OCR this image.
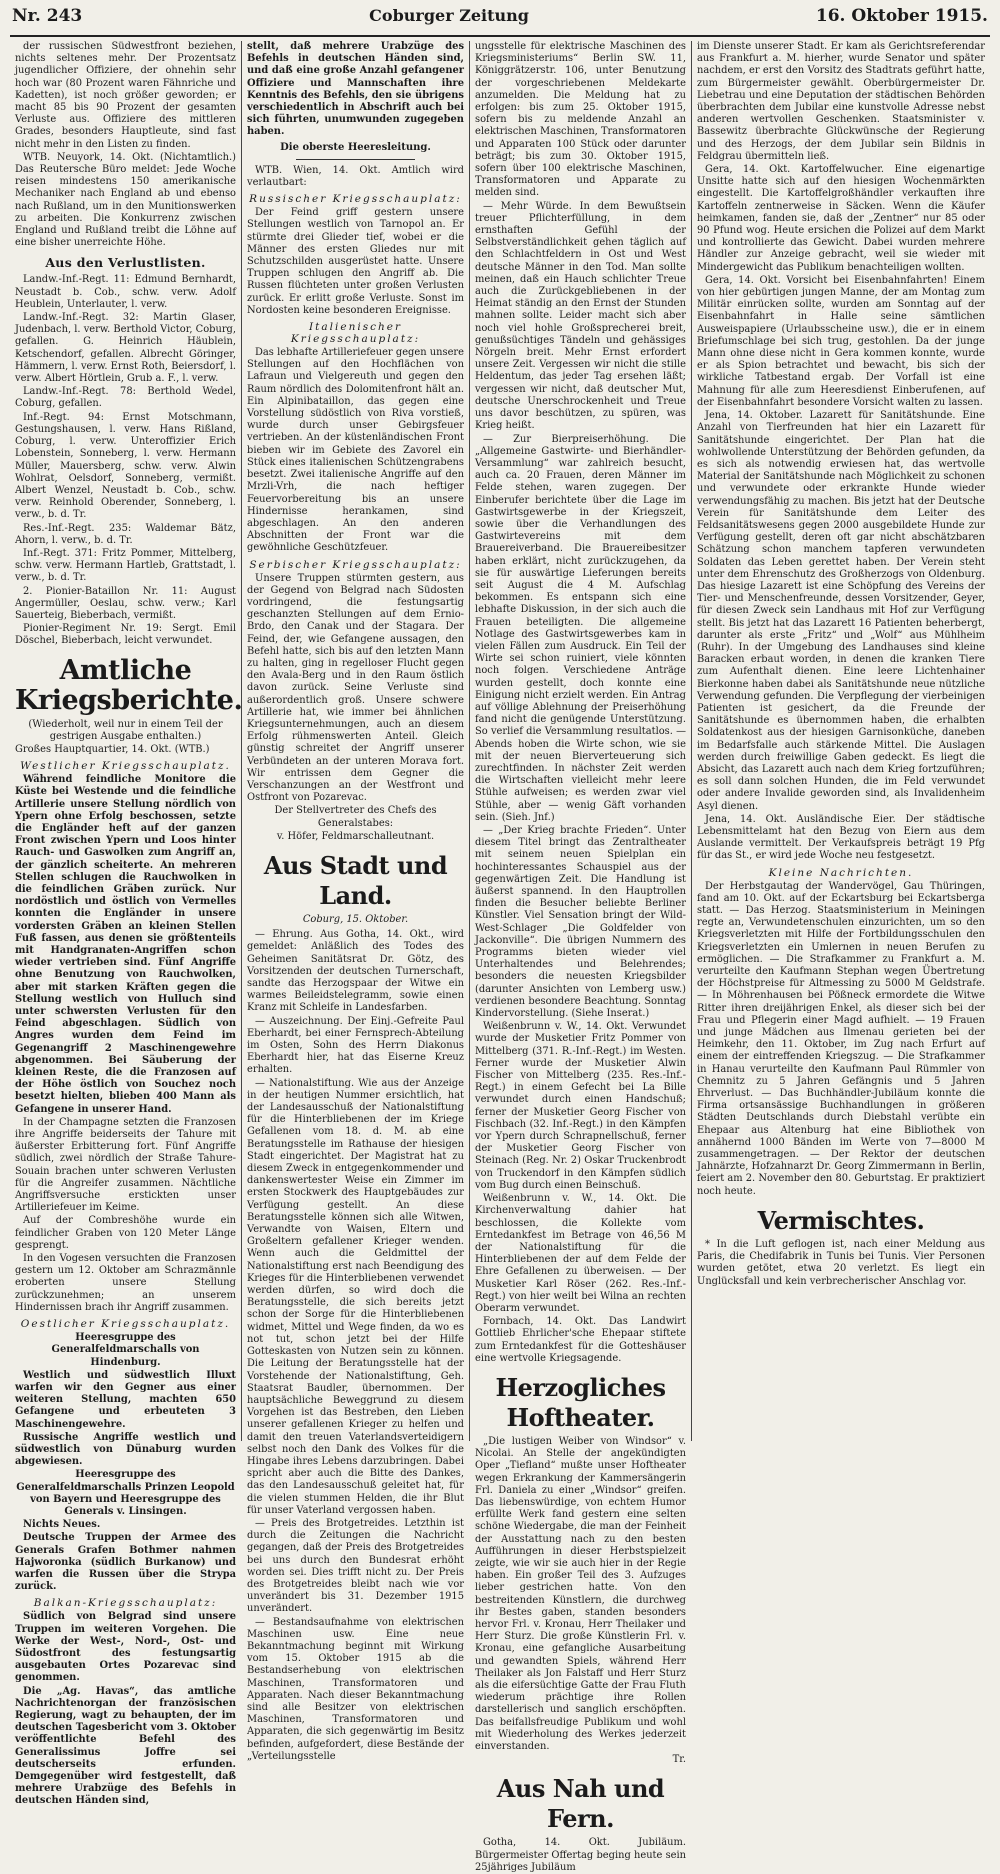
Nr. 243	Coburger Zeitung	16. Oktober 1915.

der russischen Südwestfront beziehen, nichts seltenes mehr. Der Prozentsatz jugendlicher Offiziere, der ohnehin sehr hoch war (80 Prozent waren Fähnriche und Kadetten), ist noch größer geworden; er macht 85 bis 90 Prozent der gesamten Verluste aus. Offiziere des mittleren Grades, besonders Hauptleute, sind fast nicht mehr in den Listen zu finden.

WTB. Neuyork, 14. Okt. (Nichtamtlich.) Das Reutersche Büro meldet: Jede Woche reisen mindestens 150 amerikanische Mechaniker nach England ab und ebenso nach Rußland, um in den Munitionswerken zu arbeiten. Die Konkurrenz zwischen England und Rußland treibt die Löhne auf eine bisher unerreichte Höhe.

Aus den Verlustlisten.

Landw.-Inf.-Regt. 11: Edmund Bernhardt, Neustadt b. Cob., schw. verw. Adolf Heublein, Unterlauter, l. verw.

Landw.-Inf.-Regt. 32: Martin Glaser, Judenbach, l. verw. Berthold Victor, Coburg, gefallen. G. Heinrich Häublein, Ketschendorf, gefallen. Albrecht Göringer, Hämmern, l. verw. Ernst Roth, Beiersdorf, l. verw. Albert Hörtlein, Grub a. F., l. verw.

Landw.-Inf.-Regt. 78: Berthold Wedel, Coburg, gefallen.

Inf.-Regt. 94: Ernst Motschmann, Gestungshausen, l. verw. Hans Rißland, Coburg, l. verw. Unteroffizier Erich Lobenstein, Sonneberg, l. verw. Hermann Müller, Mauersberg, schw. verw. Alwin Wohlrat, Oelsdorf, Sonneberg, vermißt. Albert Wenzel, Neustadt b. Cob., schw. verw. Reinhold Oberender, Sonneberg, l. verw., b. d. Tr.

Res.-Inf.-Regt. 235: Waldemar Bätz, Ahorn, l. verw., b. d. Tr.

Inf.-Regt. 371: Fritz Pommer, Mittelberg, schw. verw. Hermann Hartleb, Grattstadt, l. verw., b. d. Tr.

2. Pionier-Bataillon Nr. 11: August Angermüller, Oeslau, schw. verw.; Karl Sauerteig, Bieberbach, vermißt.

Pionier-Regiment Nr. 19: Sergt. Emil Döschel, Bieberbach, leicht verwundet.

Amtliche Kriegsberichte.

(Wiederholt, weil nur in einem Teil der gestrigen Ausgabe enthalten.)

Großes Hauptquartier, 14. Okt. (WTB.)

Westlicher Kriegsschauplatz.

Während feindliche Monitore die Küste bei Westende und die feindliche Artillerie unsere Stellung nördlich von Ypern ohne Erfolg beschossen, setzte die Engländer heft auf der ganzen Front zwischen Ypern und Loos hinter Rauch- und Gaswolken zum Angriff an, der gänzlich scheiterte. An mehreren Stellen schlugen die Rauchwolken in die feindlichen Gräben zurück. Nur nordöstlich und östlich von Vermelles konnten die Engländer in unsere vordersten Gräben an kleinen Stellen Fuß fassen, aus denen sie größtenteils mit Handgranaten-Angriffen schon wieder vertrieben sind. Fünf Angriffe ohne Benutzung von Rauchwolken, aber mit starken Kräften gegen die Stellung westlich von Hulluch sind unter schwersten Verlusten für den Feind abgeschlagen. Südlich von Angres wurden dem Feind im Gegenangriff 2 Maschinengewehre abgenommen. Bei Säuberung der kleinen Reste, die die Franzosen auf der Höhe östlich von Souchez noch besetzt hielten, blieben 400 Mann als Gefangene in unserer Hand.

In der Champagne setzten die Franzosen ihre Angriffe beiderseits der Tahure mit äußerster Erbitterung fort. Fünf Angriffe südlich, zwei nördlich der Straße Tahure-Souain brachen unter schweren Verlusten für die Angreifer zusammen. Nächtliche Angriffsversuche erstickten unser Artilleriefeuer im Keime.

Auf der Combreshöhe wurde ein feindlicher Graben von 120 Meter Länge gesprengt.

In den Vogesen versuchten die Franzosen gestern um 12. Oktober am Schrazmännle eroberten unsere Stellung zurückzunehmen; an unserem Hindernissen brach ihr Angriff zusammen.

Oestlicher Kriegsschauplatz.

Heeresgruppe des Generalfeldmarschalls von Hindenburg.

Westlich und südwestlich Illuxt warfen wir den Gegner aus einer weiteren Stellung, machten 650 Gefangene und erbeuteten 3 Maschinengewehre.

Russische Angriffe westlich und südwestlich von Dünaburg wurden abgewiesen.

Heeresgruppe des Generalfeldmarschalls Prinzen Leopold von Bayern und Heeresgruppe des Generals v. Linsingen.

Nichts Neues.

Deutsche Truppen der Armee des Generals Grafen Bothmer nahmen Hajworonka (südlich Burkanow) und warfen die Russen über die Strypa zurück.

Balkan-Kriegsschauplatz:

Südlich von Belgrad sind unsere Truppen im weiteren Vorgehen. Die Werke der West-, Nord-, Ost- und Südostfront des festungsartig ausgebauten Ortes Pozarevac sind genommen.

Die „Ag. Havas“, das amtliche Nachrichtenorgan der französischen Regierung, wagt zu behaupten, der im deutschen Tagesbericht vom 3. Oktober veröffentlichte Befehl des Generalissimus Joffre sei deutscherseits erfunden. Demgegenüber wird festgestellt, daß mehrere Urabzüge des Befehls in deutschen Händen sind,

stellt, daß mehrere Urabzüge des Befehls in deutschen Händen sind, und daß eine große Anzahl gefangener Offiziere und Mannschaften ihre Kenntnis des Befehls, den sie übrigens verschiedentlich in Abschrift auch bei sich führten, unumwunden zugegeben haben.

Die oberste Heeresleitung.

WTB. Wien, 14. Okt. Amtlich wird verlautbart:

Russischer Kriegsschauplatz:

Der Feind griff gestern unsere Stellungen westlich von Tarnopol an. Er stürmte drei Glieder tief, wobei er die Männer des ersten Gliedes nur mit Schutzschilden ausgerüstet hatte. Unsere Truppen schlugen den Angriff ab. Die Russen flüchteten unter großen Verlusten zurück. Er erlitt große Verluste. Sonst im Nordosten keine besonderen Ereignisse.

Italienischer Kriegsschauplatz:

Das lebhafte Artilleriefeuer gegen unsere Stellungen auf den Hochflächen von Lafraun und Vielgereuth und gegen den Raum nördlich des Dolomitenfront hält an. Ein Alpinibataillon, das gegen eine Vorstellung südöstlich von Riva vorstieß, wurde durch unser Gebirgsfeuer vertrieben. An der küstenländischen Front bieben wir im Gebiete des Zavorel ein Stück eines italienischen Schützengrabens besetzt. Zwei italienische Angriffe auf den Mrzli-Vrh, die nach heftiger Feuervorbereitung bis an unsere Hindernisse herankamen, sind abgeschlagen. An den anderen Abschnitten der Front war die gewöhnliche Geschützfeuer.

Serbischer Kriegsschauplatz:

Unsere Truppen stürmten gestern, aus der Gegend von Belgrad nach Südosten vordringend, die festungsartig geschanzten Stellungen auf dem Ernio-Brdo, den Canak und der Stagara. Der Feind, der, wie Gefangene aussagen, den Befehl hatte, sich bis auf den letzten Mann zu halten, ging in regelloser Flucht gegen den Avala-Berg und in den Raum östlich davon zurück. Seine Verluste sind außerordentlich groß. Unsere schwere Artillerie hat, wie immer bei ähnlichen Kriegsunternehmungen, auch an diesem Erfolg rühmenswerten Anteil. Gleich günstig schreitet der Angriff unserer Verbündeten an der unteren Morava fort. Wir entrissen dem Gegner die Verschanzungen an der Westfront und Ostfront von Pozarevac.

Der Stellvertreter des Chefs des Generalstabes:

v. Höfer, Feldmarschalleutnant.

Aus Stadt und Land.

Coburg, 15. Oktober.

— Ehrung. Aus Gotha, 14. Okt., wird gemeldet: Anläßlich des Todes des Geheimen Sanitätsrat Dr. Götz, des Vorsitzenden der deutschen Turnerschaft, sandte das Herzogspaar der Witwe ein warmes Beileidstelegramm, sowie einen Kranz mit Schleife in Landesfarben.

— Auszeichnung. Der Einj.-Gefreite Paul Eberhardt, bei einer Fernsprech-Abteilung im Osten, Sohn des Herrn Diakonus Eberhardt hier, hat das Eiserne Kreuz erhalten.

— Nationalstiftung. Wie aus der Anzeige in der heutigen Nummer ersichtlich, hat der Landesausschuß der Nationalstiftung für die Hinterbliebenen der im Kriege Gefallenen vom 18. d. M. ab eine Beratungsstelle im Rathause der hiesigen Stadt eingerichtet. Der Magistrat hat zu diesem Zweck in entgegenkommender und dankenswertester Weise ein Zimmer im ersten Stockwerk des Hauptgebäudes zur Verfügung gestellt. An diese Beratungsstelle können sich alle Witwen, Verwandte von Waisen, Eltern und Großeltern gefallener Krieger wenden. Wenn auch die Geldmittel der Nationalstiftung erst nach Beendigung des Krieges für die Hinterbliebenen verwendet werden dürfen, so wird doch die Beratungsstelle, die sich bereits jetzt schon der Sorge für die Hinterbliebenen widmet, Mittel und Wege finden, da wo es not tut, schon jetzt bei der Hilfe Gotteskasten von Nutzen sein zu können. Die Leitung der Beratungsstelle hat der Vorstehende der Nationalstiftung, Geh. Staatsrat Baudler, übernommen. Der hauptsächliche Beweggrund zu diesem Vorgehen ist das Bestreben, den Lieben unserer gefallenen Krieger zu helfen und damit den treuen Vaterlandsverteidigern selbst noch den Dank des Volkes für die Hingabe ihres Lebens darzubringen. Dabei spricht aber auch die Bitte des Dankes, das den Landesausschuß geleitet hat, für die vielen stummen Helden, die ihr Blut für unser Vaterland vergossen haben.

— Preis des Brotgetreides. Letzthin ist durch die Zeitungen die Nachricht gegangen, daß der Preis des Brotgetreides bei uns durch den Bundesrat erhöht worden sei. Dies trifft nicht zu. Der Preis des Brotgetreides bleibt nach wie vor unverändert bis 31. Dezember 1915 unverändert.

— Bestandsaufnahme von elektrischen Maschinen usw. Eine neue Bekanntmachung beginnt mit Wirkung vom 15. Oktober 1915 ab die Bestandserhebung von elektrischen Maschinen, Transformatoren und Apparaten. Nach dieser Bekanntmachung sind alle Besitzer von elektrischen Maschinen, Transformatoren und Apparaten, die sich gegenwärtig im Besitz befinden, aufgefordert, diese Bestände der „Verteilungsstelle

ungsstelle für elektrische Maschinen des Kriegsministeriums“ Berlin SW. 11, Königgrätzerstr. 106, unter Benutzung der vorgeschriebenen Meldekarte anzumelden. Die Meldung hat zu erfolgen: bis zum 25. Oktober 1915, sofern bis zu meldende Anzahl an elektrischen Maschinen, Transformatoren und Apparaten 100 Stück oder darunter beträgt; bis zum 30. Oktober 1915, sofern über 100 elektrische Maschinen, Transformatoren und Apparate zu melden sind.

— Mehr Würde. In dem Bewußtsein treuer Pflichterfüllung, in dem ernsthaften Gefühl der Selbstverständlichkeit gehen täglich auf den Schlachtfeldern in Ost und West deutsche Männer in den Tod. Man sollte meinen, daß ein Hauch schlichter Treue auch die Zurückgebliebenen in der Heimat ständig an den Ernst der Stunden mahnen sollte. Leider macht sich aber noch viel hohle Großsprecherei breit, genußsüchtiges Tändeln und gehässiges Nörgeln breit. Mehr Ernst erfordert unsere Zeit. Vergessen wir nicht die stille Heldentum, das jeder Tag ersehen läßt; vergessen wir nicht, daß deutscher Mut, deutsche Unerschrockenheit und Treue uns davor beschützen, zu spüren, was Krieg heißt.

— Zur Bierpreiserhöhung. Die „Allgemeine Gastwirte- und Bierhändler-Versammlung“ war zahlreich besucht, auch ca. 20 Frauen, deren Männer im Felde stehen, waren zugegen. Der Einberufer berichtete über die Lage im Gastwirtsgewerbe in der Kriegszeit, sowie über die Verhandlungen des Gastwirtevereins mit dem Brauereiverband. Die Brauereibesitzer haben erklärt, nicht zurückzugehen, da sie für auswärtige Lieferungen bereits seit August die 4 M. Aufschlag bekommen. Es entspann sich eine lebhafte Diskussion, in der sich auch die Frauen beteiligten. Die allgemeine Notlage des Gastwirtsgewerbes kam in vielen Fällen zum Ausdruck. Ein Teil der Wirte sei schon ruiniert, viele könnten noch folgen. Verschiedene Anträge wurden gestellt, doch konnte eine Einigung nicht erzielt werden. Ein Antrag auf völlige Ablehnung der Preiserhöhung fand nicht die genügende Unterstützung. So verlief die Versammlung resultatlos. — Abends hoben die Wirte schon, wie sie mit der neuen Bierverteuerung sich zurechtfinden. In nächster Zeit werden die Wirtschaften vielleicht mehr leere Stühle aufweisen; es werden zwar viel Stühle, aber — wenig Gäft vorhanden sein. (Sieh. Jnf.)

— „Der Krieg brachte Frieden“. Unter diesem Titel bringt das Zentraltheater mit seinem neuen Spielplan ein hochinteressantes Schauspiel aus der gegenwärtigen Zeit. Die Handlung ist äußerst spannend. In den Hauptrollen finden die Besucher beliebte Berliner Künstler. Viel Sensation bringt der Wild-West-Schlager „Die Goldfelder von Jackonville“. Die übrigen Nummern des Programms bieten wieder viel Unterhaltendes und Belehrendes; besonders die neuesten Kriegsbilder (darunter Ansichten von Lemberg usw.) verdienen besondere Beachtung. Sonntag Kindervorstellung. (Siehe Inserat.)

Weißenbrunn v. W., 14. Okt. Verwundet wurde der Musketier Fritz Pommer von Mittelberg (371. R.-Inf.-Regt.) im Westen. Ferner wurde der Musketier Alwin Fischer von Mittelberg (235. Res.-Inf.-Regt.) in einem Gefecht bei La Bille verwundet durch einen Handschuß; ferner der Musketier Georg Fischer von Fischbach (32. Inf.-Regt.) in den Kämpfen vor Ypern durch Schrapnellschuß, ferner der Musketier Georg Fischer von Steinach (Reg. Nr. 2) Oskar Truckenbrodt von Truckendorf in den Kämpfen südlich vom Bug durch einen Beinschuß.

Weißenbrunn v. W., 14. Okt. Die Kirchenverwaltung dahier hat beschlossen, die Kollekte vom Erntedankfest im Betrage von 46,56 M der Nationalstiftung für die Hinterbliebenen der auf dem Felde der Ehre Gefallenen zu überweisen. — Der Musketier Karl Röser (262. Res.-Inf.-Regt.) von hier weilt bei Wilna an rechten Oberarm verwundet.

Fornbach, 14. Okt. Das Landwirt Gottlieb Ehrlicher'sche Ehepaar stiftete zum Erntedankfest für die Gotteshäuser eine wertvolle Kriegsagende.

Herzogliches Hoftheater.

„Die lustigen Weiber von Windsor“ v. Nicolai. An Stelle der angekündigten Oper „Tiefland“ mußte unser Hoftheater wegen Erkrankung der Kammersängerin Frl. Daniela zu einer „Windsor“ greifen. Das liebenswürdige, von echtem Humor erfüllte Werk fand gestern eine selten schöne Wiedergabe, die man der Feinheit der Ausstattung nach zu den besten Aufführungen in dieser Herbstspielzeit zeigte, wie wir sie auch hier in der Regie haben. Ein großer Teil des 3. Aufzuges lieber gestrichen hatte. Von den bestreitenden Künstlern, die durchweg ihr Bestes gaben, standen besonders hervor Frl. v. Kronau, Herr Theilaker und Herr Sturz. Die große Künstlerin Frl. v. Kronau, eine gefangliche Ausarbeitung und gewandten Spiels, während Herr Theilaker als Jon Falstaff und Herr Sturz als die eifersüchtige Gatte der Frau Fluth wiederum prächtige ihre Rollen darstellerisch und sanglich erschöpften. Das beifallsfreudige Publikum und wohl mit Wiederholung des Werkes jederzeit einverstanden.

Tr.

Aus Nah und Fern.

Gotha, 14. Okt. Jubiläum. Bürgermeister Offertag beging heute sein 25jähriges Jubiläum

im Dienste unserer Stadt. Er kam als Gerichtsreferendar aus Frankfurt a. M. hierher, wurde Senator und später nachdem, er erst den Vorsitz des Stadtrats geführt hatte, zum Bürgermeister gewählt. Oberbürgermeister Dr. Liebetrau und eine Deputation der städtischen Behörden überbrachten dem Jubilar eine kunstvolle Adresse nebst anderen wertvollen Geschenken. Staatsminister v. Bassewitz überbrachte Glückwünsche der Regierung und des Herzogs, der dem Jubilar sein Bildnis in Feldgrau übermitteln ließ.

Gera, 14. Okt. Kartoffelwucher. Eine eigenartige Unsitte hatte sich auf den hiesigen Wochenmärkten eingestellt. Die Kartoffelgroßhändler verkauften ihre Kartoffeln zentnerweise in Säcken. Wenn die Käufer heimkamen, fanden sie, daß der „Zentner“ nur 85 oder 90 Pfund wog. Heute ersichen die Polizei auf dem Markt und kontrollierte das Gewicht. Dabei wurden mehrere Händler zur Anzeige gebracht, weil sie wieder mit Mindergewicht das Publikum benachteiligen wollten.

Gera, 14. Okt. Vorsicht bei Eisenbahnfahrten! Einem von hier gebürtigen jungen Manne, der am Montag zum Militär einrücken sollte, wurden am Sonntag auf der Eisenbahnfahrt in Halle seine sämtlichen Ausweispapiere (Urlaubsscheine usw.), die er in einem Briefumschlage bei sich trug, gestohlen. Da der junge Mann ohne diese nicht in Gera kommen konnte, wurde er als Spion betrachtet und bewacht, bis sich der wirkliche Tatbestand ergab. Der Vorfall ist eine Mahnung für alle zum Heeresdienst Einberufenen, auf der Eisenbahnfahrt besondere Vorsicht walten zu lassen.

Jena, 14. Oktober. Lazarett für Sanitätshunde. Eine Anzahl von Tierfreunden hat hier ein Lazarett für Sanitätshunde eingerichtet. Der Plan hat die wohlwollende Unterstützung der Behörden gefunden, da es sich als notwendig erwiesen hat, das wertvolle Material der Sanitätshunde nach Möglichkeit zu schonen und verwundete oder erkrankte Hunde wieder verwendungsfähig zu machen. Bis jetzt hat der Deutsche Verein für Sanitätshunde dem Leiter des Feldsanitätswesens gegen 2000 ausgebildete Hunde zur Verfügung gestellt, deren oft gar nicht abschätzbaren Schätzung schon manchem tapferen verwundeten Soldaten das Leben gerettet haben. Der Verein steht unter dem Ehrenschutz des Großherzogs von Oldenburg. Das hiesige Lazarett ist eine Schöpfung des Vereins der Tier- und Menschenfreunde, dessen Vorsitzender, Geyer, für diesen Zweck sein Landhaus mit Hof zur Verfügung stellt. Bis jetzt hat das Lazarett 16 Patienten beherbergt, darunter als erste „Fritz“ und „Wolf“ aus Mühlheim (Ruhr). In der Umgebung des Landhauses sind kleine Baracken erbaut worden, in denen die kranken Tiere zum Aufenthalt dienen. Eine leere Lichtenhainer Bierkonne haben dabei als Sanitätshunde neue nützliche Verwendung gefunden. Die Verpflegung der vierbeinigen Patienten ist gesichert, da die Freunde der Sanitätshunde es übernommen haben, die erhalbten Soldatenkost aus der hiesigen Garnisonküche, daneben im Bedarfsfalle auch stärkende Mittel. Die Auslagen werden durch freiwillige Gaben gedeckt. Es liegt die Absicht, das Lazarett auch nach dem Krieg fortzuführen; es soll dann solchen Hunden, die im Feld verwundet oder andere Invalide geworden sind, als Invalidenheim Asyl dienen.

Jena, 14. Okt. Ausländische Eier. Der städtische Lebensmittelamt hat den Bezug von Eiern aus dem Auslande vermittelt. Der Verkaufspreis beträgt 19 Pfg für das St., er wird jede Woche neu festgesetzt.

Kleine Nachrichten.

Der Herbstgautag der Wandervögel, Gau Thüringen, fand am 10. Okt. auf der Eckartsburg bei Eckartsberga statt. — Das Herzog. Staatsministerium in Meiningen regte an, Verwundetenschulen einzurichten, um so den Kriegsverletzten mit Hilfe der Fortbildungsschulen den Kriegsverletzten ein Umlernen in neuen Berufen zu ermöglichen. — Die Strafkammer zu Frankfurt a. M. verurteilte den Kaufmann Stephan wegen Übertretung der Höchstpreise für Altmessing zu 5000 M Geldstrafe. — In Möhrenhausen bei Pößneck ermordete die Witwe Ritter ihren dreijährigen Enkel, als dieser sich bei der Frau und Pflegerin einer Magd aufhielt. — 19 Frauen und junge Mädchen aus Ilmenau gerieten bei der Heimkehr, den 11. Oktober, im Zug nach Erfurt auf einem der eintreffenden Kriegszug. — Die Strafkammer in Hanau verurteilte den Kaufmann Paul Rümmler von Chemnitz zu 5 Jahren Gefängnis und 5 Jahren Ehrverlust. — Das Buchhändler-Jubiläum konnte die Firma ortsansässige Buchhandlungen in größeren Städten Deutschlands durch Diebstahl verübte ein Ehepaar aus Altenburg hat eine Bibliothek von annähernd 1000 Bänden im Werte von 7—8000 M zusammengetragen. — Der Rektor der deutschen Jahnärzte, Hofzahnarzt Dr. Georg Zimmermann in Berlin, feiert am 2. November den 80. Geburtstag. Er praktiziert noch heute.

Vermischtes.

* In die Luft geflogen ist, nach einer Meldung aus Paris, die Chedifabrik in Tunis bei Tunis. Vier Personen wurden getötet, etwa 20 verletzt. Es liegt ein Unglücksfall und kein verbrecherischer Anschlag vor.
